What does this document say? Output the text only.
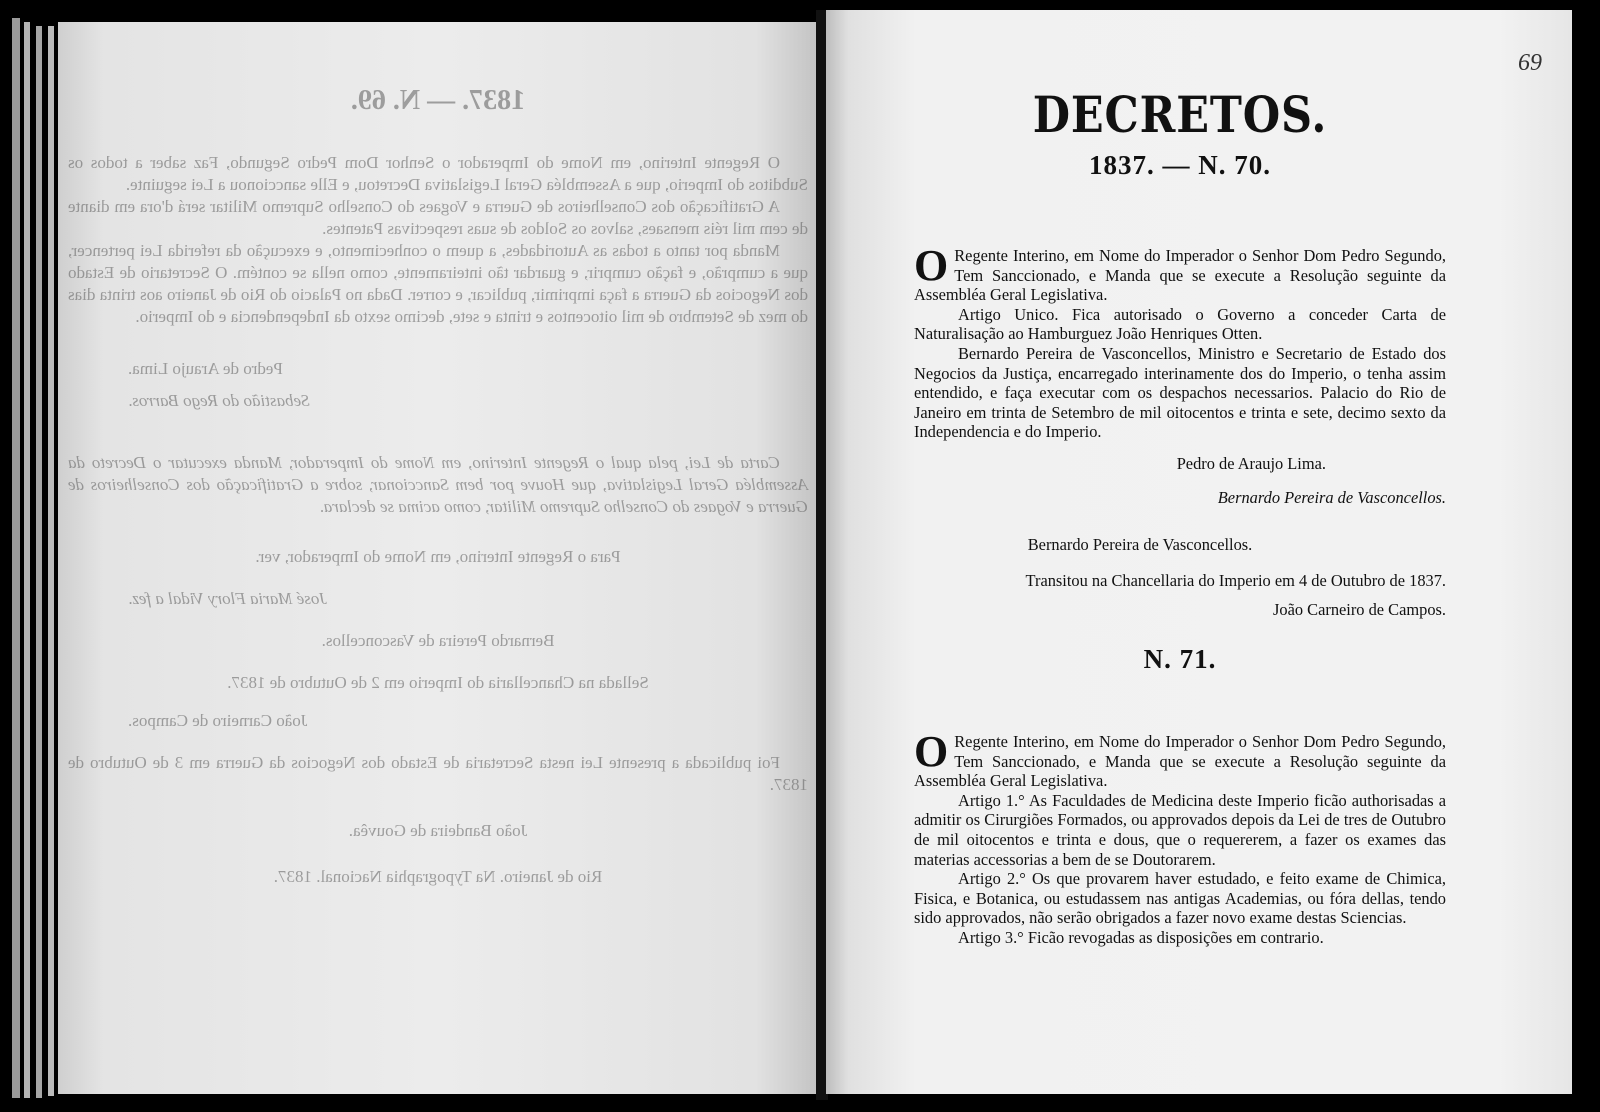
1837. — N. 69.

O Regente Interino, em Nome do Imperador o Senhor Dom Pedro Segundo, Faz saber a todos os Subditos do Imperio, que a Assembléa Geral Legislativa Decretou, e Elle sanccionou a Lei seguinte.

A Gratificação dos Conselheiros de Guerra e Vogaes do Conselho Supremo Militar será d'ora em diante de cem mil réis mensaes, salvos os Soldos de suas respectivas Patentes.

Manda por tanto a todas as Autoridades, a quem o conhecimento, e execução da referida Lei pertencer, que a cumprão, e fação cumprir, e guardar tão inteiramente, como nella se contém. O Secretario de Estado dos Negocios da Guerra a faça imprimir, publicar, e correr. Dada no Palacio do Rio de Janeiro aos trinta dias do mez de Setembro de mil oitocentos e trinta e sete, decimo sexto da Independencia e do Imperio.

Pedro de Araujo Lima.
Sebastião do Rego Barros.

Carta de Lei, pela qual o Regente Interino, em Nome do Imperador, Manda executar o Decreto da Assembléa Geral Legislativa, que Houve por bem Sanccionar, sobre a Gratificação dos Conselheiros de Guerra e Vogaes do Conselho Supremo Militar, como acima se declara.

Para o Regente Interino, em Nome do Imperador, ver.
José Maria Flory Vidal a fez.
Bernardo Pereira de Vasconcellos.
Sellada na Chancellaria do Imperio em 2 de Outubro de 1837.
João Carneiro de Campos.

Foi publicada a presente Lei nesta Secretaria de Estado dos Negocios da Guerra em 3 de Outubro de 1837.

João Bandeira de Gouvêa.
Rio de Janeiro. Na Typographia Nacional. 1837.
69
DECRETOS.
1837. — N. 70.

O Regente Interino, em Nome do Imperador o Senhor Dom Pedro Segundo, Tem Sanccionado, e Manda que se execute a Resolução seguinte da Assembléa Geral Legislativa.

Artigo Unico. Fica autorisado o Governo a conceder Carta de Naturalisação ao Hamburguez João Henriques Otten.

Bernardo Pereira de Vasconcellos, Ministro e Secretario de Estado dos Negocios da Justiça, encarregado interinamente dos do Imperio, o tenha assim entendido, e faça executar com os despachos necessarios. Palacio do Rio de Janeiro em trinta de Setembro de mil oitocentos e trinta e sete, decimo sexto da Independencia e do Imperio.

Pedro de Araujo Lima.

Bernardo Pereira de Vasconcellos.

Bernardo Pereira de Vasconcellos.

Transitou na Chancellaria do Imperio em 4 de Outubro de 1837.

João Carneiro de Campos.

N. 71.

O Regente Interino, em Nome do Imperador o Senhor Dom Pedro Segundo, Tem Sanccionado, e Manda que se execute a Resolução seguinte da Assembléa Geral Legislativa.

Artigo 1.° As Faculdades de Medicina deste Imperio ficão authorisadas a admitir os Cirurgiões Formados, ou approvados depois da Lei de tres de Outubro de mil oitocentos e trinta e dous, que o requererem, a fazer os exames das materias accessorias a bem de se Doutorarem.

Artigo 2.° Os que provarem haver estudado, e feito exame de Chimica, Fisica, e Botanica, ou estudassem nas antigas Academias, ou fóra dellas, tendo sido approvados, não serão obrigados a fazer novo exame destas Sciencias.

Artigo 3.° Ficão revogadas as disposições em contrario.
